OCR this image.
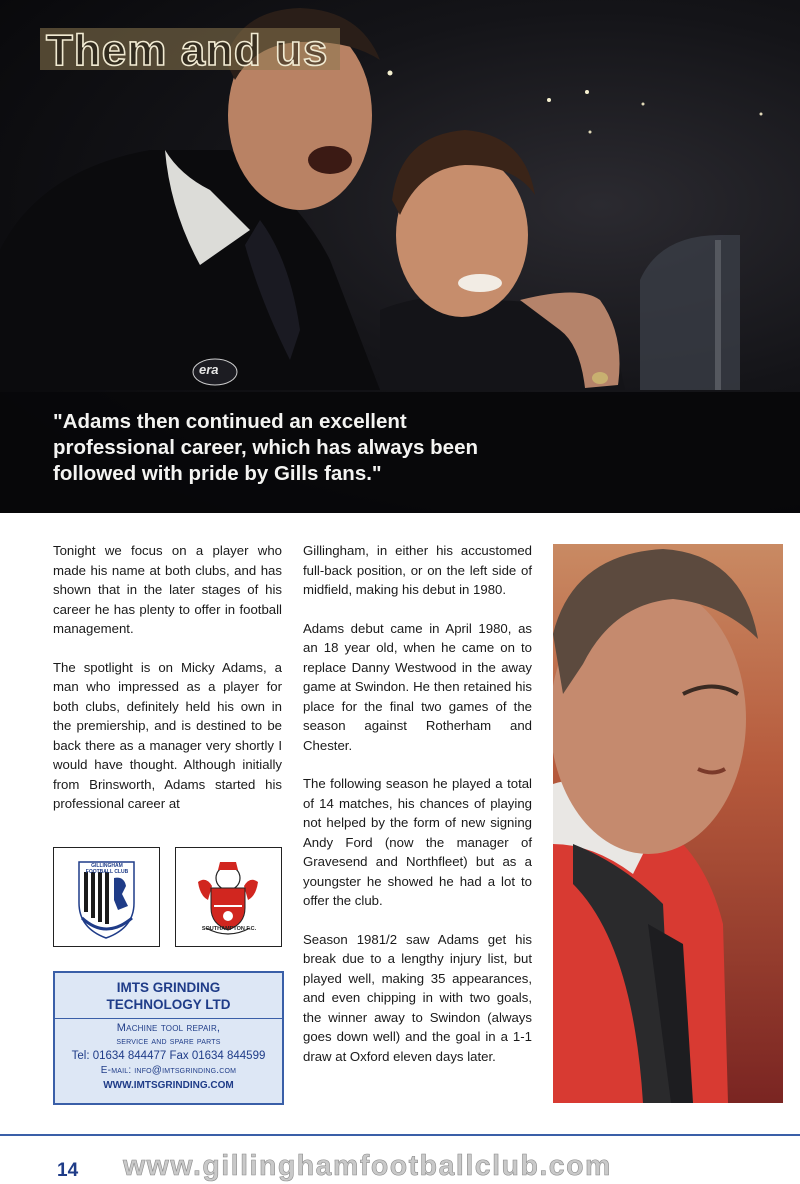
era
Them and us
"Adams then continued an excellent professional career, which has always been followed with pride by Gills fans."

Tonight we focus on a player who made his name at both clubs, and has shown that in the later stages of his career he has plenty to offer in football management.

The spotlight is on Micky Adams, a man who impressed as a player for both clubs, definitely held his own in the premiership, and is destined to be back there as a manager very shortly I would have thought. Although initially from Brinsworth, Adams started his professional career at

Gillingham, in either his accustomed full-back position, or on the left side of midfield, making his debut in 1980.

Adams debut came in April 1980, as an 18 year old, when he came on to replace Danny Westwood in the away game at Swindon. He then retained his place for the final two games of the season against Rotherham and Chester.

The following season he played a total of 14 matches, his chances of playing not helped by the form of new signing Andy Ford (now the manager of Gravesend and Northfleet) but as a youngster he showed he had a lot to offer the club.

Season 1981/2 saw Adams get his break due to a lengthy injury list, but played well, making 35 appearances, and even chipping in with two goals, the winner away to Swindon (always goes down well) and the goal in a 1-1 draw at Oxford eleven days later.

GILLINGHAM FOOTBALL CLUB
SOUTHAMPTON F.C.
IMTS GRINDING
TECHNOLOGY LTD
Machine tool repair,
service and spare parts
Tel: 01634 844477 Fax 01634 844599
E-mail: info@imtsgrinding.com
WWW.IMTSGRINDING.COM
14 www.gillinghamfootballclub.com
